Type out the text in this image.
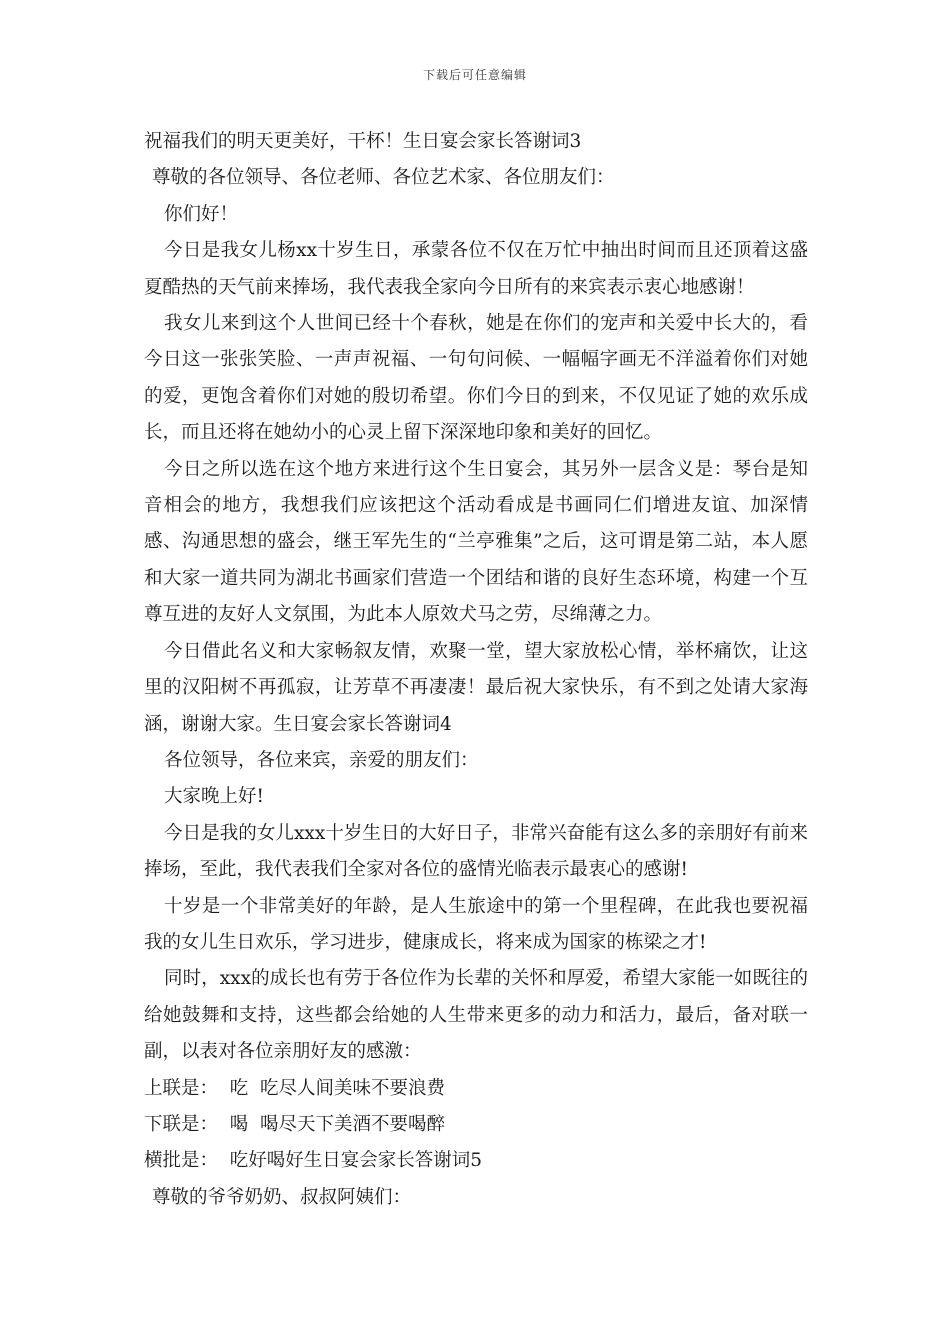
下载后可任意编辑

祝福我们的明天更美好，干杯！生日宴会家长答谢词3

尊敬的各位领导、各位老师、各位艺术家、各位朋友们：

你们好！

今日是我女儿杨xx十岁生日，承蒙各位不仅在万忙中抽出时间而且还顶着这盛夏酷热的天气前来捧场，我代表我全家向今日所有的来宾表示衷心地感谢！

我女儿来到这个人世间已经十个春秋，她是在你们的宠声和关爱中长大的，看今日这一张张笑脸、一声声祝福、一句句问候、一幅幅字画无不洋溢着你们对她的爱，更饱含着你们对她的殷切希望。你们今日的到来，不仅见证了她的欢乐成长，而且还将在她幼小的心灵上留下深深地印象和美好的回忆。

今日之所以选在这个地方来进行这个生日宴会，其另外一层含义是：琴台是知音相会的地方，我想我们应该把这个活动看成是书画同仁们增进友谊、加深情感、沟通思想的盛会，继王军先生的“兰亭雅集”之后，这可谓是第二站，本人愿和大家一道共同为湖北书画家们营造一个团结和谐的良好生态环境，构建一个互尊互进的友好人文氛围，为此本人原效犬马之劳，尽绵薄之力。

今日借此名义和大家畅叙友情，欢聚一堂，望大家放松心情，举杯痛饮，让这里的汉阳树不再孤寂，让芳草不再凄凄！最后祝大家快乐，有不到之处请大家海涵，谢谢大家。生日宴会家长答谢词4

各位领导，各位来宾，亲爱的朋友们：

大家晚上好!

今日是我的女儿xxx十岁生日的大好日子，非常兴奋能有这么多的亲朋好有前来捧场，至此，我代表我们全家对各位的盛情光临表示最衷心的感谢!

十岁是一个非常美好的年龄，是人生旅途中的第一个里程碑，在此我也要祝福我的女儿生日欢乐，学习进步，健康成长，将来成为国家的栋梁之才!

同时，xxx的成长也有劳于各位作为长辈的关怀和厚爱，希望大家能一如既往的给她鼓舞和支持，这些都会给她的人生带来更多的动力和活力，最后，备对联一副，以表对各位亲朋好友的感激：

上联是：  吃  吃尽人间美味不要浪费

下联是：  喝  喝尽天下美酒不要喝醉

横批是：  吃好喝好生日宴会家长答谢词5

尊敬的爷爷奶奶、叔叔阿姨们：
